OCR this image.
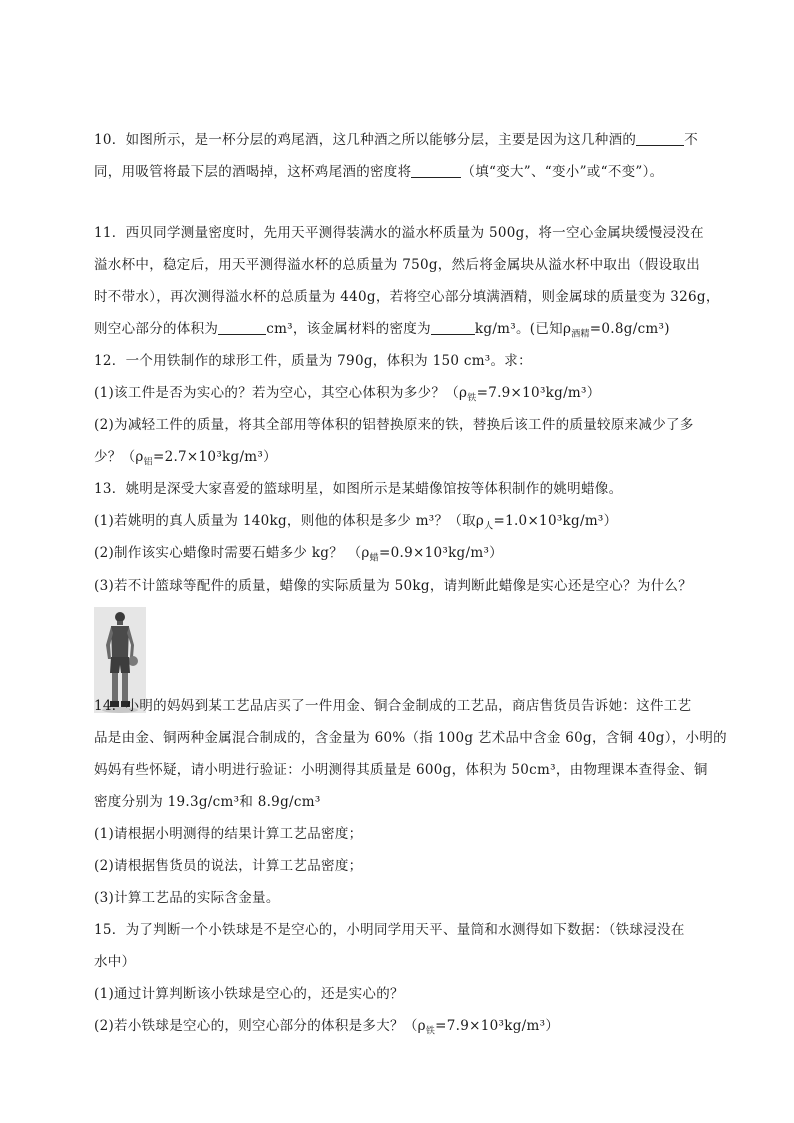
10．如图所示，是一杯分层的鸡尾酒，这几种酒之所以能够分层，主要是因为这几种酒的	不
同，用吸管将最下层的酒喝掉，这杯鸡尾酒的密度将	（填“变大”、“变小”或“不变”）。
11．西贝同学测量密度时，先用天平测得装满水的溢水杯质量为 500g，将一空心金属块缓慢浸没在
溢水杯中，稳定后，用天平测得溢水杯的总质量为 750g，然后将金属块从溢水杯中取出（假设取出
时不带水），再次测得溢水杯的总质量为 440g，若将空心部分填满酒精，则金属球的质量变为 326g，
则空心部分的体积为	cm³，该金属材料的密度为	kg/m³。(已知$\rho_{酒精}=0.8g/cm^3$)
12．一个用铁制作的球形工件，质量为 790g，体积为 150 cm³。求：
(1)该工件是否为实心的？若为空心，其空心体积为多少？$(\rho_铁=7.9\times 10^3kg/m^3)$
(2)为减轻工件的质量，将其全部用等体积的铝替换原来的铁，替换后该工件的质量较原来减少了多
少？$(\rho_铝=2.7\times 10^3kg/m^3)$
13．姚明是深受大家喜爱的篮球明星，如图所示是某蜡像馆按等体积制作的姚明蜡像。
(1)若姚明的真人质量为 140kg，则他的体积是多少 m³？（取$\rho_人=1.0\times 10^3kg/m^3$）
(2)制作该实心蜡像时需要石蜡多少 kg？ $(\rho_蜡=0.9\times 10^3kg/m^3)$
(3)若不计篮球等配件的质量，蜡像的实际质量为 50kg，请判断此蜡像是实心还是空心？为什么？
14．小明的妈妈到某工艺品店买了一件用金、铜合金制成的工艺品，商店售货员告诉她：这件工艺
品是由金、铜两种金属混合制成的，含金量为 60%（指 100g 艺术品中含金 60g，含铜 40g），小明的
妈妈有些怀疑，请小明进行验证：小明测得其质量是 600g，体积为 50cm³，由物理课本查得金、铜
密度分别为 19.3g/cm³和 8.9g/cm³
(1)请根据小明测得的结果计算工艺品密度；
(2)请根据售货员的说法，计算工艺品密度；
(3)计算工艺品的实际含金量。
15．为了判断一个小铁球是不是空心的，小明同学用天平、量筒和水测得如下数据：（铁球浸没在
水中）
(1)通过计算判断该小铁球是空心的，还是实心的？
(2)若小铁球是空心的，则空心部分的体积是多大？$(\rho_铁=7.9\times 10^3kg/m^3)$
